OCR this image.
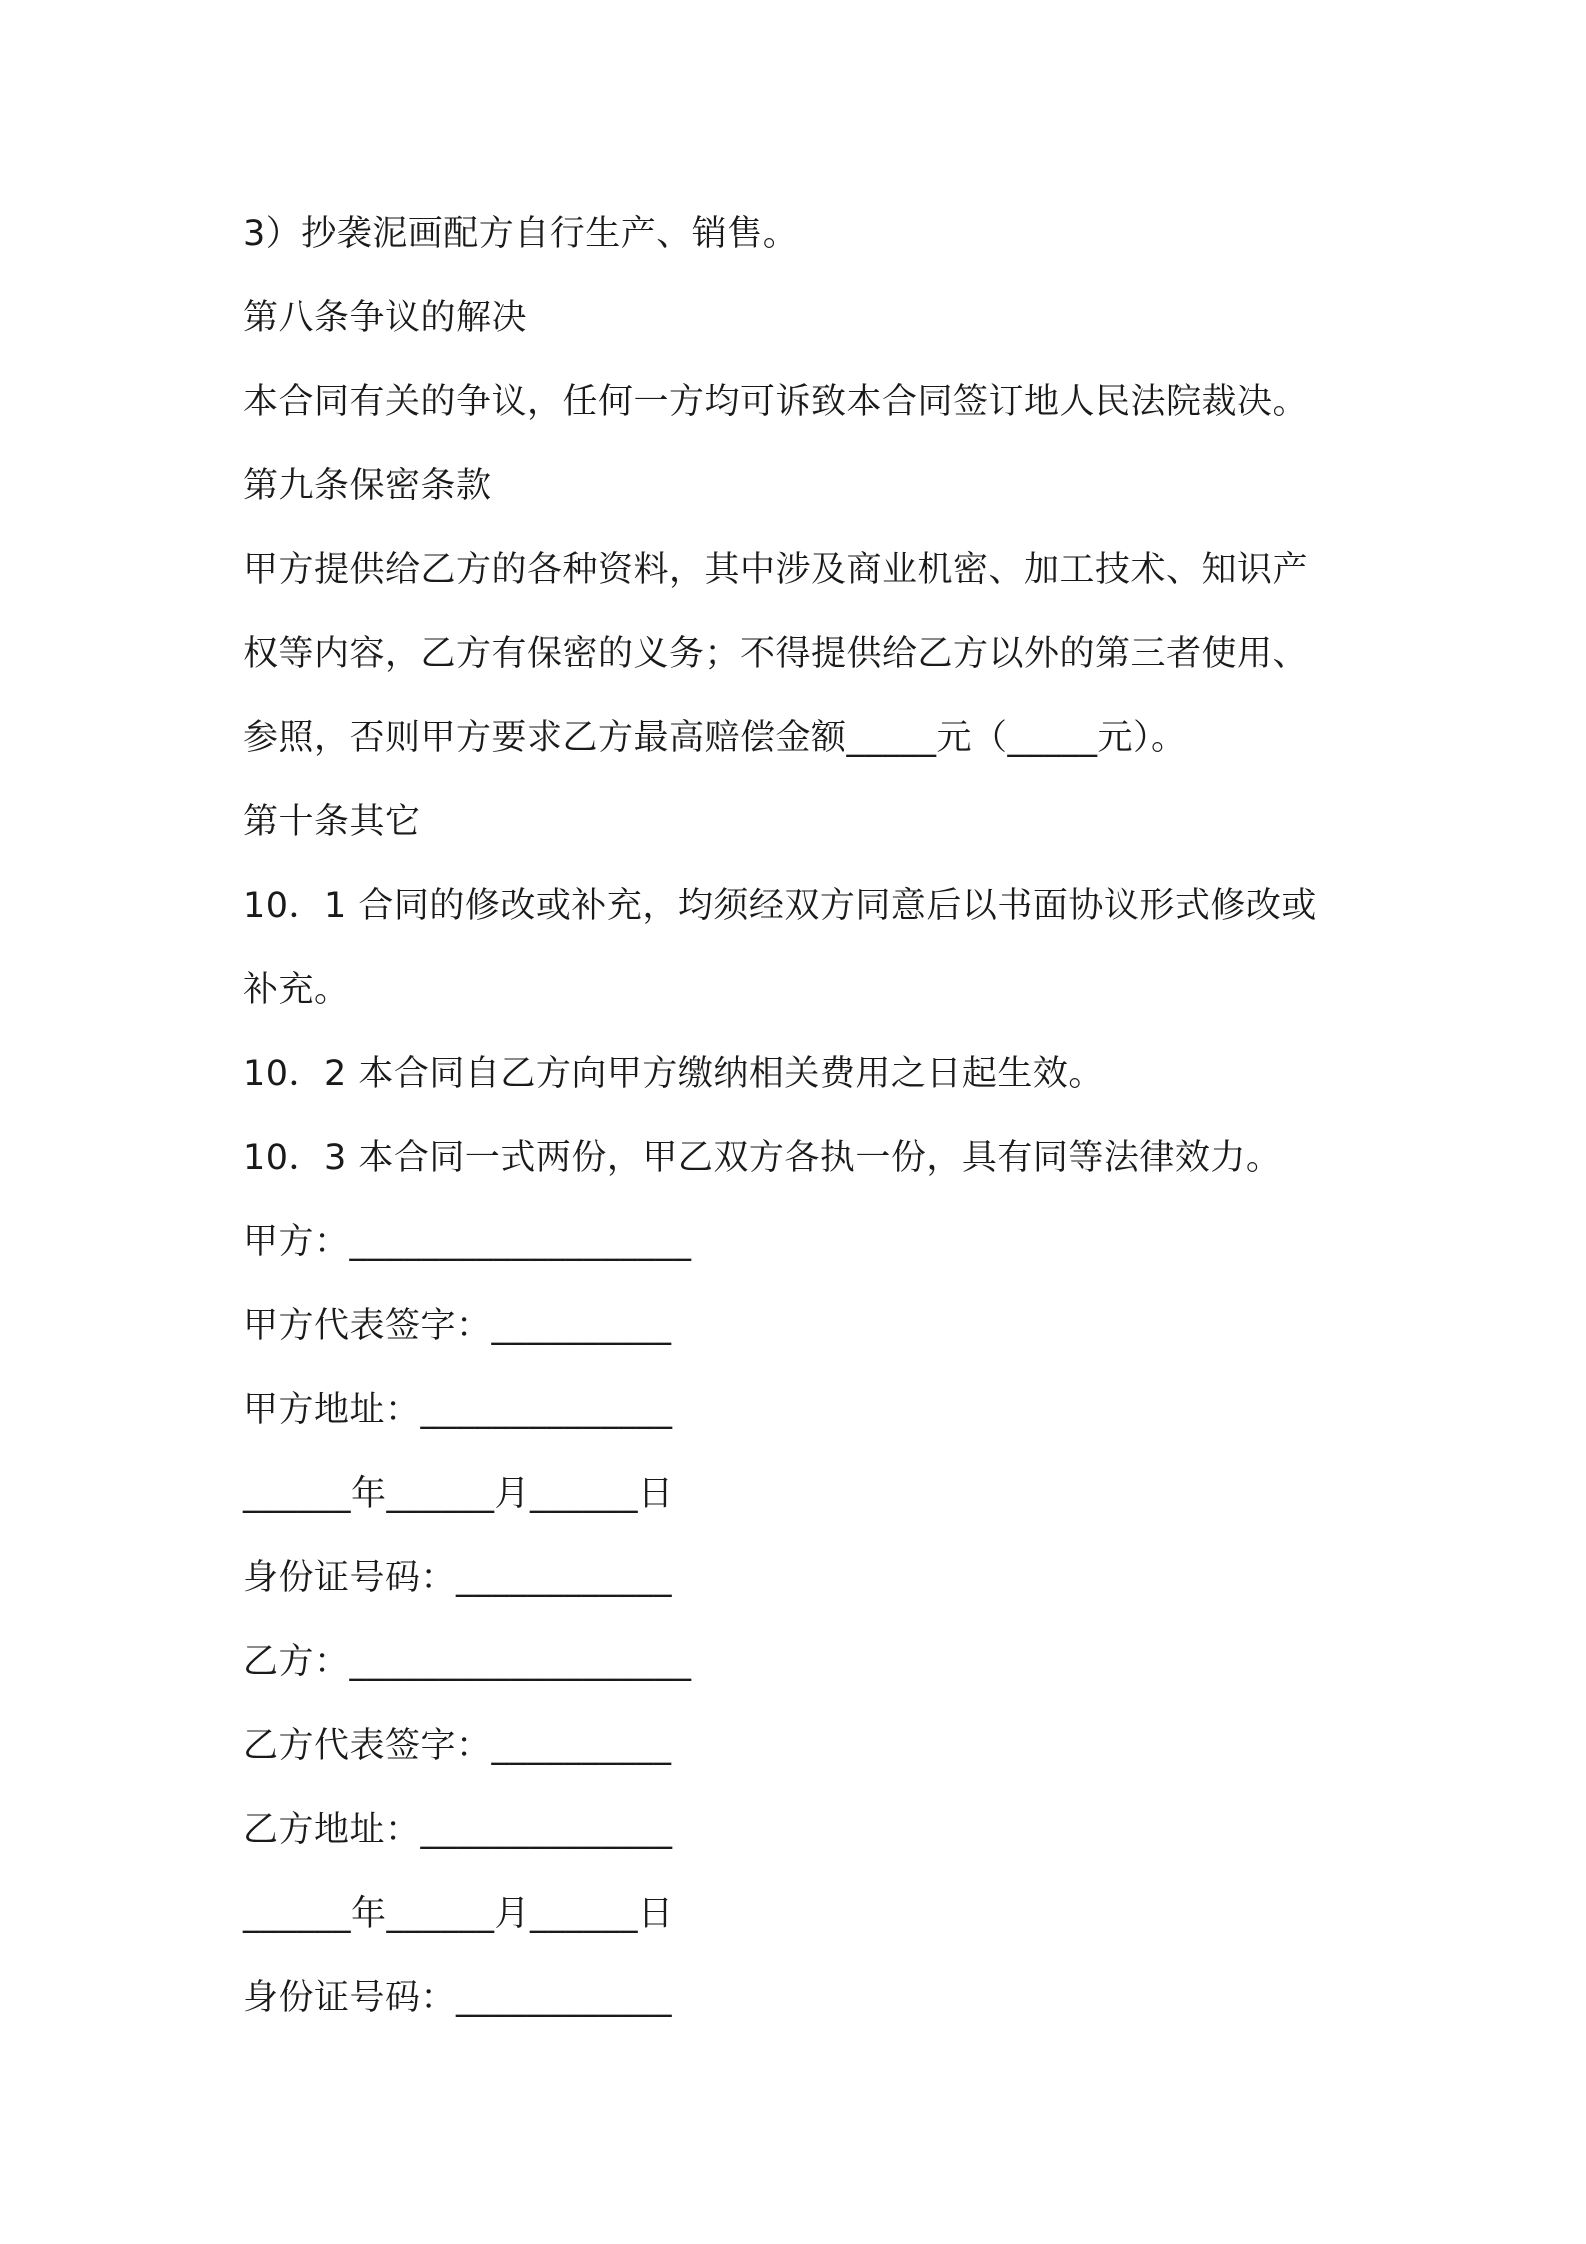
3）抄袭泥画配方自行生产、销售。
第八条争议的解决
本合同有关的争议，任何一方均可诉致本合同签订地人民法院裁决。
第九条保密条款
甲方提供给乙方的各种资料，其中涉及商业机密、加工技术、知识产
权等内容，乙方有保密的义务；不得提供给乙方以外的第三者使用、
参照，否则甲方要求乙方最高赔偿金额_____元（_____元）。
第十条其它
10．1 合同的修改或补充，均须经双方同意后以书面协议形式修改或
补充。
10．2 本合同自乙方向甲方缴纳相关费用之日起生效。
10．3 本合同一式两份，甲乙双方各执一份，具有同等法律效力。
甲方：___________________
甲方代表签字：__________
甲方地址：______________
______年______月______日
身份证号码：____________
乙方：___________________
乙方代表签字：__________
乙方地址：______________
______年______月______日
身份证号码：____________
